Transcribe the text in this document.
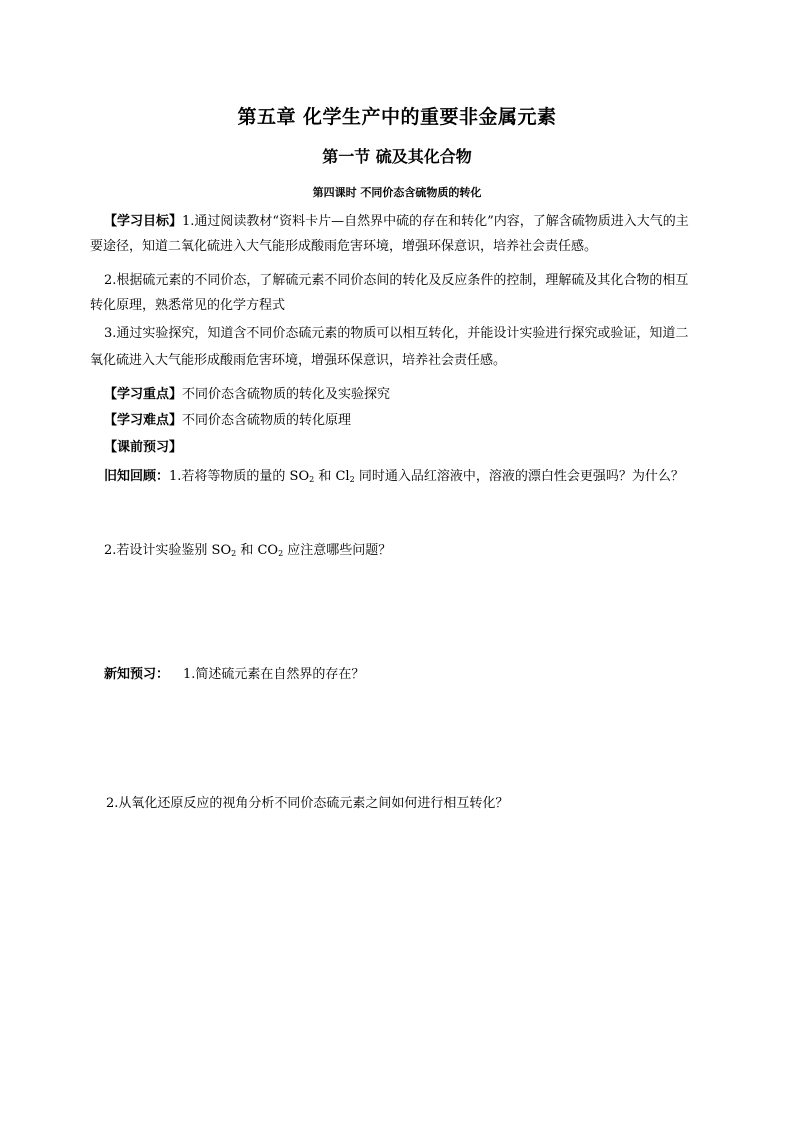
第五章 化学生产中的重要非金属元素
第一节 硫及其化合物
第四课时 不同价态含硫物质的转化
【学习目标】1.通过阅读教材“资料卡片—自然界中硫的存在和转化”内容，了解含硫物质进入大气的主
要途径，知道二氧化硫进入大气能形成酸雨危害环境，增强环保意识，培养社会责任感。
2.根据硫元素的不同价态，了解硫元素不同价态间的转化及反应条件的控制，理解硫及其化合物的相互
转化原理，熟悉常见的化学方程式
3.通过实验探究，知道含不同价态硫元素的物质可以相互转化，并能设计实验进行探究或验证，知道二
氧化硫进入大气能形成酸雨危害环境，增强环保意识，培养社会责任感。
【学习重点】不同价态含硫物质的转化及实验探究
【学习难点】不同价态含硫物质的转化原理
【课前预习】
旧知回顾：1.若将等物质的量的 $SO_2$ 和 $Cl_2$ 同时通入品红溶液中，溶液的漂白性会更强吗？为什么？
2.若设计实验鉴别 $SO_2$ 和 $CO_2$ 应注意哪些问题？
新知预习： 1.简述硫元素在自然界的存在？
2.从氧化还原反应的视角分析不同价态硫元素之间如何进行相互转化？
